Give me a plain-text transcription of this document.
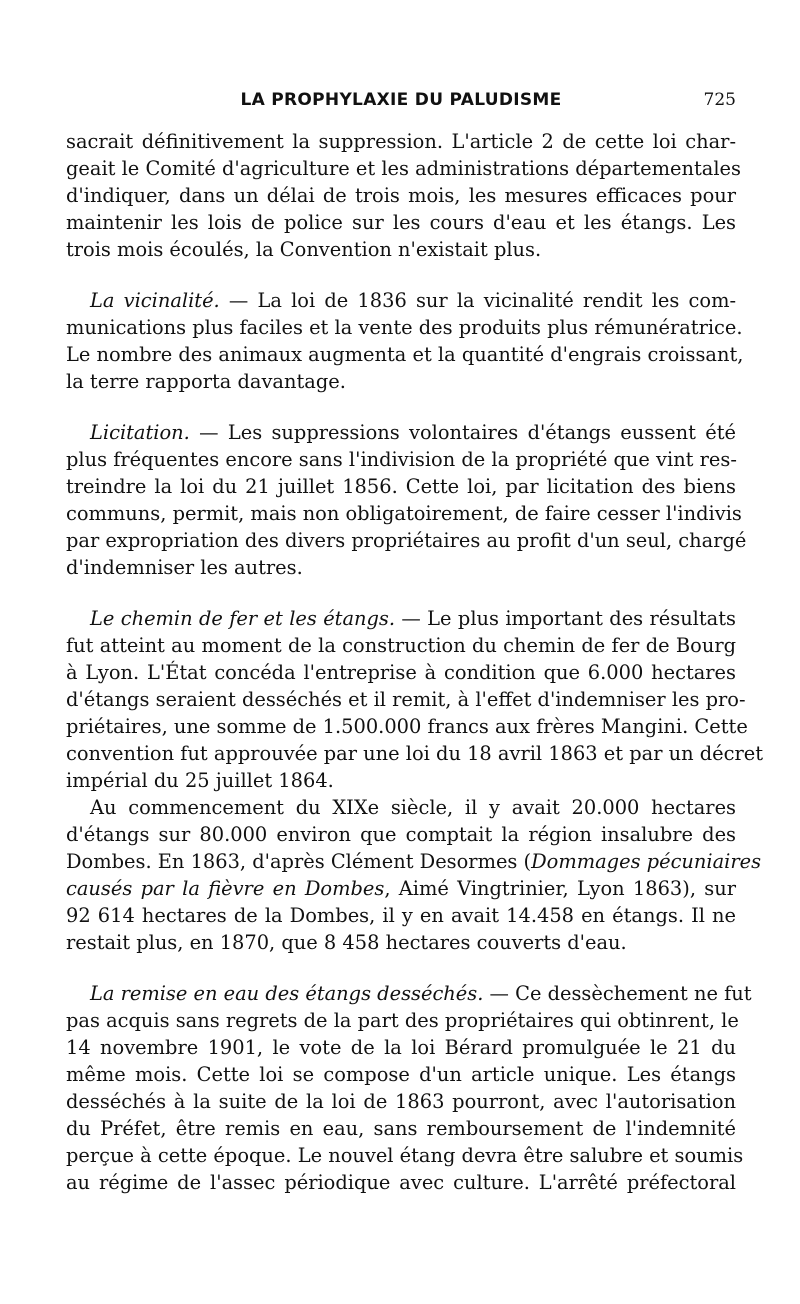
LA PROPHYLAXIE DU PALUDISME	725
sacrait définitivement la suppression. L'article 2 de cette loi char-
geait le Comité d'agriculture et les administrations départementales
d'indiquer, dans un délai de trois mois, les mesures efficaces pour
maintenir les lois de police sur les cours d'eau et les étangs. Les
trois mois écoulés, la Convention n'existait plus.
La vicinalité. — La loi de 1836 sur la vicinalité rendit les com-
munications plus faciles et la vente des produits plus rémunératrice.
Le nombre des animaux augmenta et la quantité d'engrais croissant,
la terre rapporta davantage.
Licitation. — Les suppressions volontaires d'étangs eussent été
plus fréquentes encore sans l'indivision de la propriété que vint res-
treindre la loi du 21 juillet 1856. Cette loi, par licitation des biens
communs, permit, mais non obligatoirement, de faire cesser l'indivis
par expropriation des divers propriétaires au profit d'un seul, chargé
d'indemniser les autres.
Le chemin de fer et les étangs. — Le plus important des résultats
fut atteint au moment de la construction du chemin de fer de Bourg
à Lyon. L'État concéda l'entreprise à condition que 6.000 hectares
d'étangs seraient desséchés et il remit, à l'effet d'indemniser les pro-
priétaires, une somme de 1.500.000 francs aux frères Mangini. Cette
convention fut approuvée par une loi du 18 avril 1863 et par un décret
impérial du 25 juillet 1864.
Au commencement du XIXe siècle, il y avait 20.000 hectares
d'étangs sur 80.000 environ que comptait la région insalubre des
Dombes. En 1863, d'après Clément Desormes (Dommages pécuniaires
causés par la fièvre en Dombes, Aimé Vingtrinier, Lyon 1863), sur
92 614 hectares de la Dombes, il y en avait 14.458 en étangs. Il ne
restait plus, en 1870, que 8 458 hectares couverts d'eau.
La remise en eau des étangs desséchés. — Ce dessèchement ne fut
pas acquis sans regrets de la part des propriétaires qui obtinrent, le
14 novembre 1901, le vote de la loi Bérard promulguée le 21 du
même mois. Cette loi se compose d'un article unique. Les étangs
desséchés à la suite de la loi de 1863 pourront, avec l'autorisation
du Préfet, être remis en eau, sans remboursement de l'indemnité
perçue à cette époque. Le nouvel étang devra être salubre et soumis
au régime de l'assec périodique avec culture. L'arrêté préfectoral
